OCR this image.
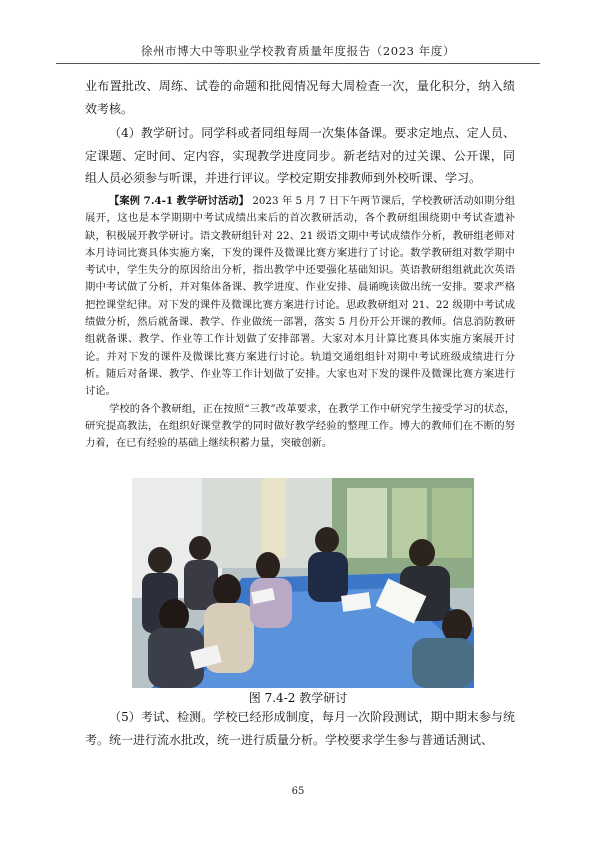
徐州市博大中等职业学校教育质量年度报告（2023 年度）

业布置批改、周练、试卷的命题和批阅情况每大周检查一次，量化积分，纳入绩效考核。

（4）教学研讨。同学科或者同组每周一次集体备课。要求定地点、定人员、定课题、定时间、定内容，实现教学进度同步。新老结对的过关课、公开课，同组人员必须参与听课，并进行评议。学校定期安排教师到外校听课、学习。

【案例 7.4-1 教学研讨活动】 2023 年 5 月 7 日下午两节课后，学校教研活动如期分组展开，这也是本学期期中考试成绩出来后的首次教研活动，各个教研组围绕期中考试查遗补缺，积极展开教学研讨。语文教研组针对 22、21 级语文期中考试成绩作分析，教研组老师对本月诗词比赛具体实施方案，下发的课件及微课比赛方案进行了讨论。数学教研组对数学期中考试中，学生失分的原因给出分析，指出教学中还要强化基础知识。英语教研组组就此次英语期中考试做了分析，并对集体备课、教学进度、作业安排、晨诵晚读做出统一安排。要求严格把控课堂纪律。对下发的课件及微课比赛方案进行讨论。思政教研组对 21、22 级期中考试成绩做分析，然后就备课、教学、作业做统一部署，落实 5 月份开公开课的教师。信息消防教研组就备课、教学、作业等工作计划做了安排部署。大家对本月计算比赛具体实施方案展开讨论。并对下发的课件及微课比赛方案进行讨论。轨道交通组组针对期中考试班级成绩进行分析。随后对备课、教学、作业等工作计划做了安排。大家也对下发的课件及微课比赛方案进行讨论。

学校的各个教研组，正在按照“三教”改革要求，在教学工作中研究学生接受学习的状态，研究提高教法，在组织好课堂教学的同时做好教学经验的整理工作。博大的教师们在不断的努力着，在已有经验的基础上继续积蓄力量，突破创新。

图 7.4-2 教学研讨

（5）考试、检测。学校已经形成制度，每月一次阶段测试，期中期末参与统考。统一进行流水批改，统一进行质量分析。学校要求学生参与普通话测试、

65
